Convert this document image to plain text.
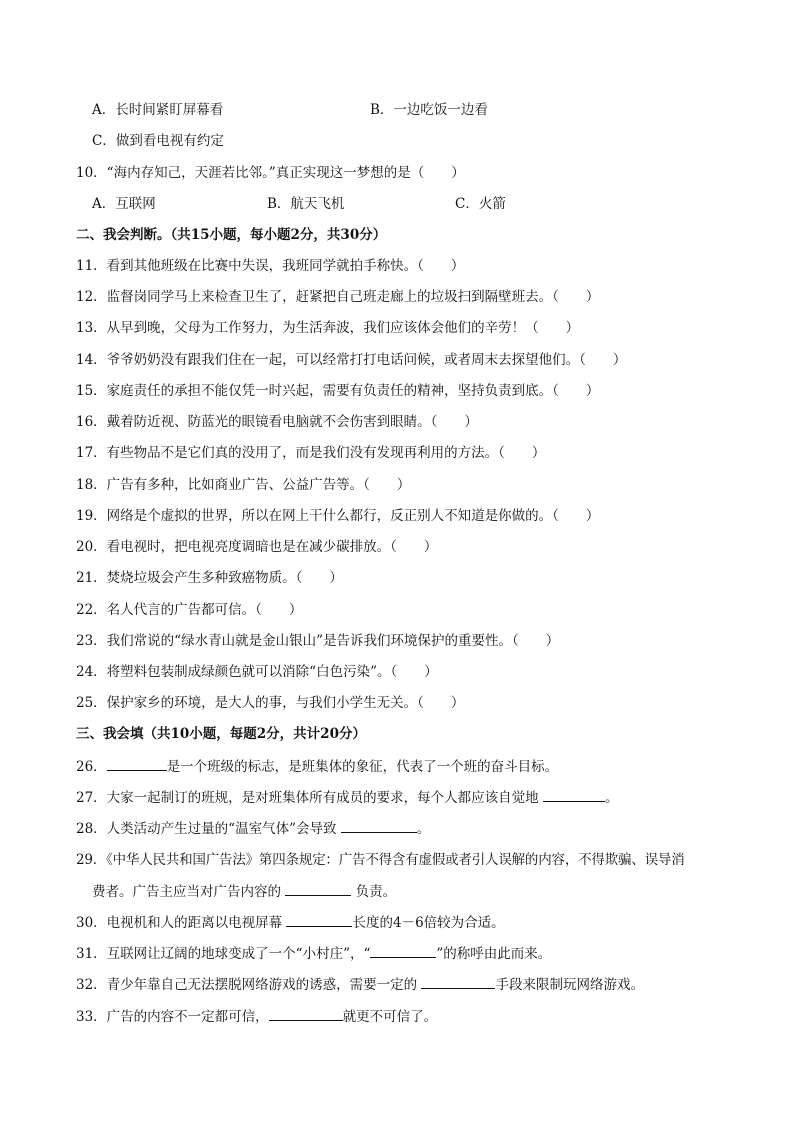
A．长时间紧盯屏幕看	B．一边吃饭一边看
C．做到看电视有约定
10．“海内存知己，天涯若比邻。”真正实现这一梦想的是（　　）
A．互联网	B．航天飞机	C．火箭
二、我会判断。（共15小题，每小题2分，共30分）
11．看到其他班级在比赛中失误，我班同学就拍手称快。（　　）
12．监督岗同学马上来检查卫生了，赶紧把自己班走廊上的垃圾扫到隔壁班去。（　　）
13．从早到晚，父母为工作努力，为生活奔波，我们应该体会他们的辛劳！（　　）
14．爷爷奶奶没有跟我们住在一起，可以经常打打电话问候，或者周末去探望他们。（　　）
15．家庭责任的承担不能仅凭一时兴起，需要有负责任的精神，坚持负责到底。（　　）
16．戴着防近视、防蓝光的眼镜看电脑就不会伤害到眼睛。（　　）
17．有些物品不是它们真的没用了，而是我们没有发现再利用的方法。（　　）
18．广告有多种，比如商业广告、公益广告等。（　　）
19．网络是个虚拟的世界，所以在网上干什么都行，反正别人不知道是你做的。（　　）
20．看电视时，把电视亮度调暗也是在减少碳排放。（　　）
21．焚烧垃圾会产生多种致癌物质。（　　）
22．名人代言的广告都可信。（　　）
23．我们常说的“绿水青山就是金山银山”是告诉我们环境保护的重要性。（　　）
24．将塑料包装制成绿颜色就可以消除“白色污染”。（　　）
25．保护家乡的环境，是大人的事，与我们小学生无关。（　　）
三、我会填（共10小题，每题2分，共计20分）
26．	是一个班级的标志，是班集体的象征，代表了一个班的奋斗目标。
27．大家一起制订的班规，是对班集体所有成员的要求，每个人都应该自觉地	。
28．人类活动产生过量的“温室气体”会导致	。
29．《中华人民共和国广告法》第四条规定：广告不得含有虚假或者引人误解的内容，不得欺骗、误导消
费者。广告主应当对广告内容的	负责。
30．电视机和人的距离以电视屏幕	长度的4－6倍较为合适。
31．互联网让辽阔的地球变成了一个“小村庄”，“	”的称呼由此而来。
32．青少年靠自己无法摆脱网络游戏的诱惑，需要一定的	手段来限制玩网络游戏。
33．广告的内容不一定都可信，	就更不可信了。
